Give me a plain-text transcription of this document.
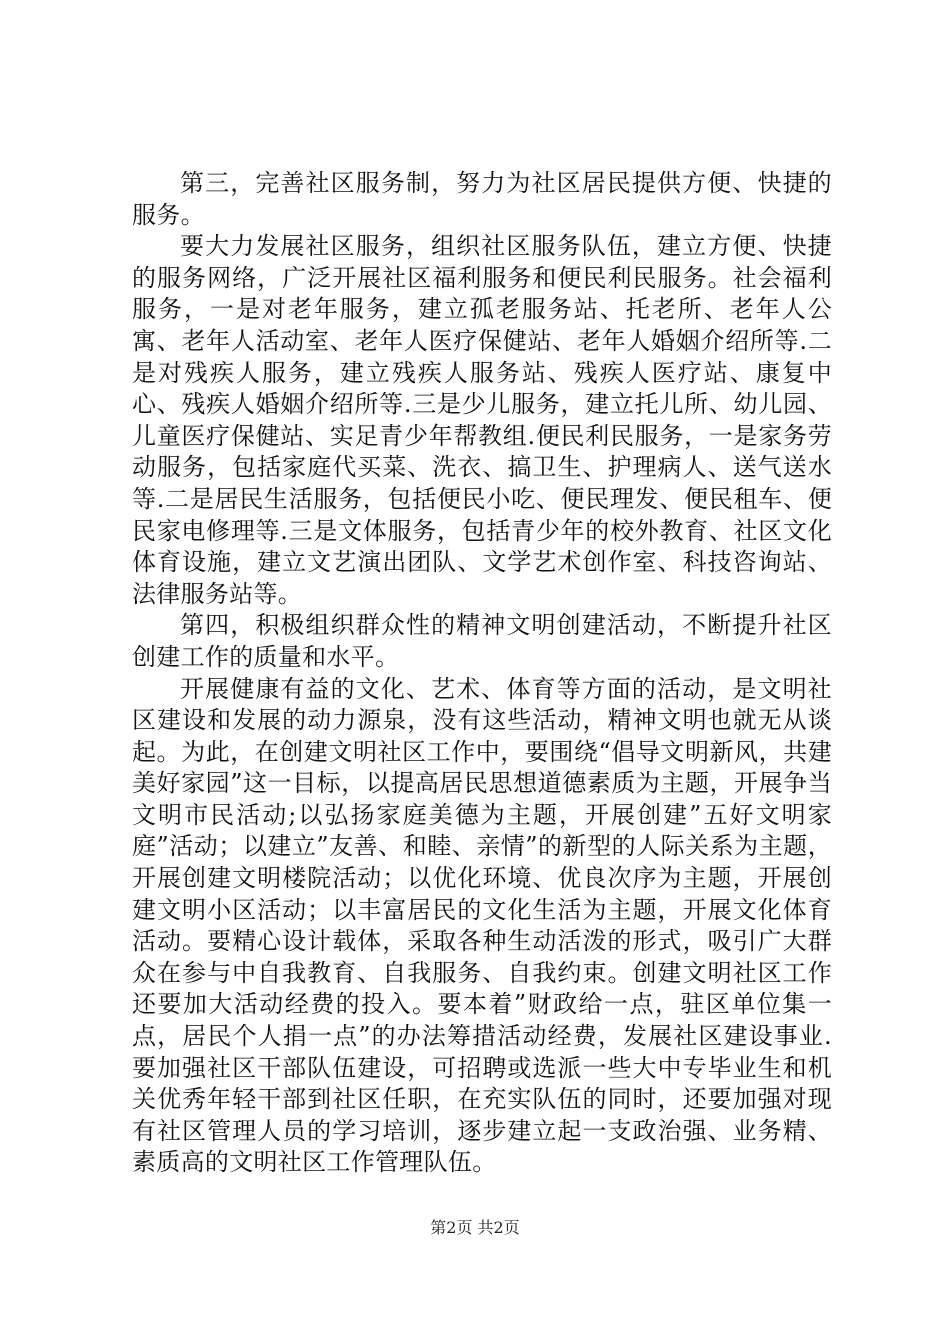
第三，完善社区服务制，努力为社区居民提供方便、快捷的服务。

要大力发展社区服务，组织社区服务队伍，建立方便、快捷的服务网络，广泛开展社区福利服务和便民利民服务。社会福利服务，一是对老年服务，建立孤老服务站、托老所、老年人公寓、老年人活动室、老年人医疗保健站、老年人婚姻介绍所等.二是对残疾人服务，建立残疾人服务站、残疾人医疗站、康复中心、残疾人婚姻介绍所等.三是少儿服务，建立托儿所、幼儿园、儿童医疗保健站、实足青少年帮教组.便民利民服务，一是家务劳动服务，包括家庭代买菜、洗衣、搞卫生、护理病人、送气送水等.二是居民生活服务，包括便民小吃、便民理发、便民租车、便民家电修理等.三是文体服务，包括青少年的校外教育、社区文化体育设施，建立文艺演出团队、文学艺术创作室、科技咨询站、法律服务站等。

第四，积极组织群众性的精神文明创建活动，不断提升社区创建工作的质量和水平。

开展健康有益的文化、艺术、体育等方面的活动，是文明社区建设和发展的动力源泉，没有这些活动，精神文明也就无从谈起。为此，在创建文明社区工作中，要围绕“倡导文明新风，共建美好家园”这一目标，以提高居民思想道德素质为主题，开展争当文明市民活动;以弘扬家庭美德为主题，开展创建”五好文明家庭”活动；以建立”友善、和睦、亲情”的新型的人际关系为主题，开展创建文明楼院活动；以优化环境、优良次序为主题，开展创建文明小区活动；以丰富居民的文化生活为主题，开展文化体育活动。要精心设计载体，采取各种生动活泼的形式，吸引广大群众在参与中自我教育、自我服务、自我约束。创建文明社区工作还要加大活动经费的投入。要本着”财政给一点，驻区单位集一点，居民个人捐一点”的办法筹措活动经费，发展社区建设事业.要加强社区干部队伍建设，可招聘或选派一些大中专毕业生和机关优秀年轻干部到社区任职，在充实队伍的同时，还要加强对现有社区管理人员的学习培训，逐步建立起一支政治强、业务精、素质高的文明社区工作管理队伍。

第2页 共2页
